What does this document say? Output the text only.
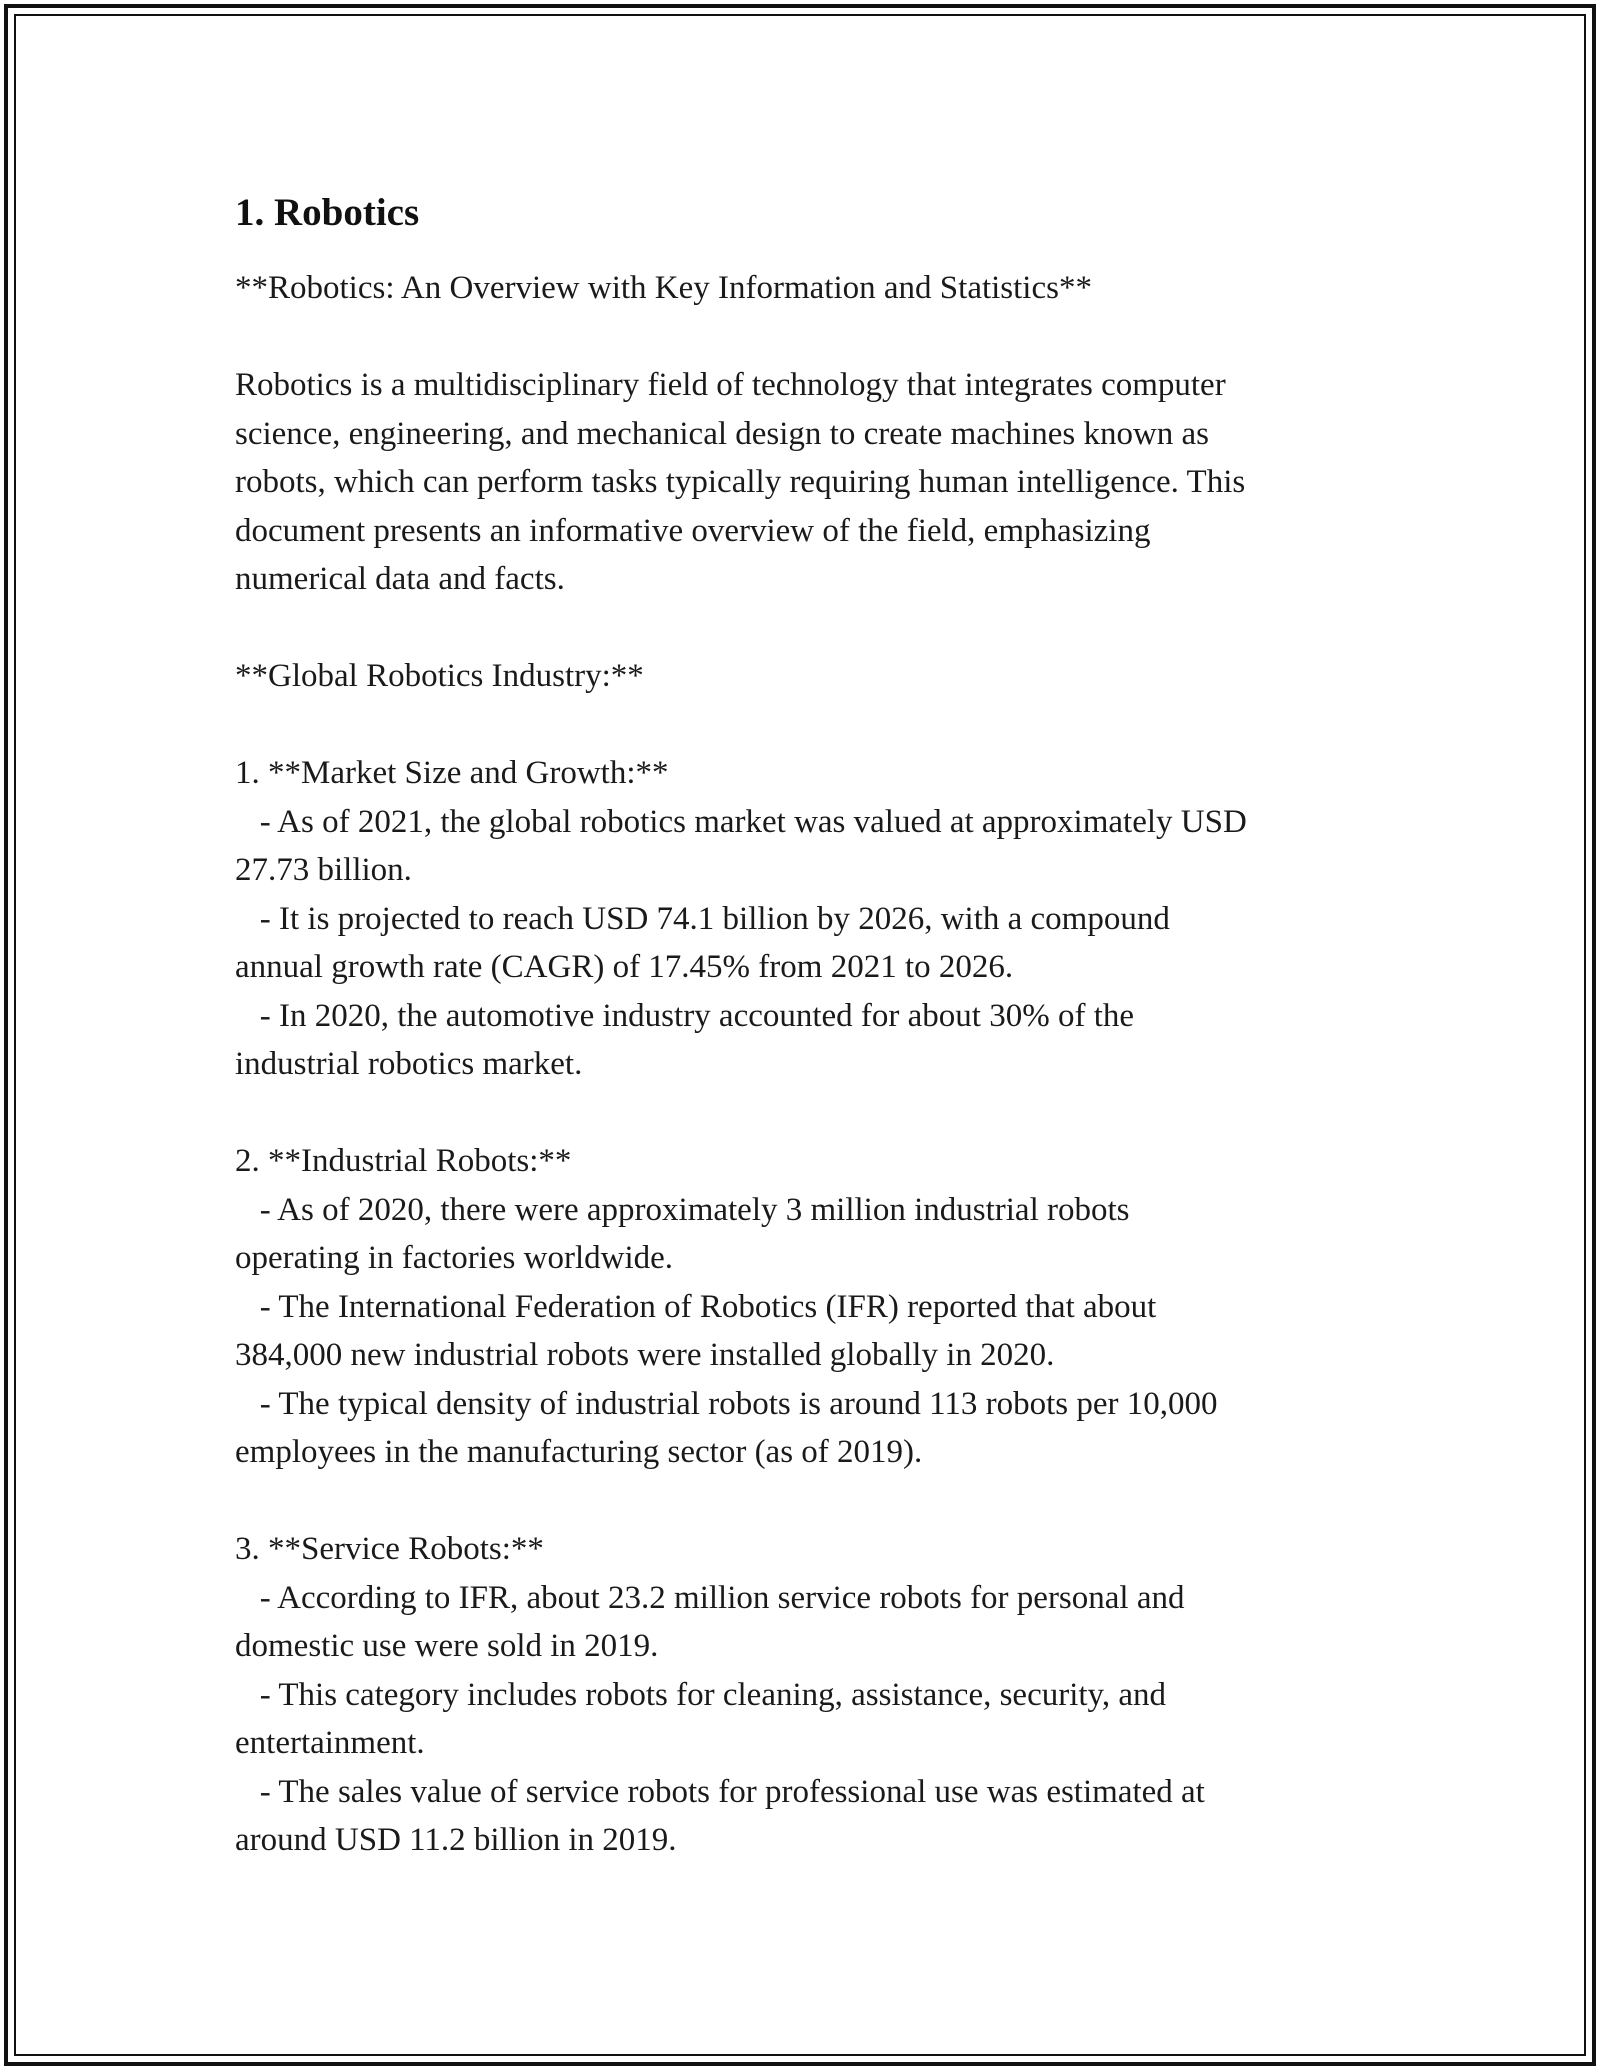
1. Robotics

**Robotics: An Overview with Key Information and Statistics**

Robotics is a multidisciplinary field of technology that integrates computer

science, engineering, and mechanical design to create machines known as

robots, which can perform tasks typically requiring human intelligence. This

document presents an informative overview of the field, emphasizing

numerical data and facts.

**Global Robotics Industry:**

1. **Market Size and Growth:**

- As of 2021, the global robotics market was valued at approximately USD

27.73 billion.

- It is projected to reach USD 74.1 billion by 2026, with a compound

annual growth rate (CAGR) of 17.45% from 2021 to 2026.

- In 2020, the automotive industry accounted for about 30% of the

industrial robotics market.

2. **Industrial Robots:**

- As of 2020, there were approximately 3 million industrial robots

operating in factories worldwide.

- The International Federation of Robotics (IFR) reported that about

384,000 new industrial robots were installed globally in 2020.

- The typical density of industrial robots is around 113 robots per 10,000

employees in the manufacturing sector (as of 2019).

3. **Service Robots:**

- According to IFR, about 23.2 million service robots for personal and

domestic use were sold in 2019.

- This category includes robots for cleaning, assistance, security, and

entertainment.

- The sales value of service robots for professional use was estimated at

around USD 11.2 billion in 2019.
